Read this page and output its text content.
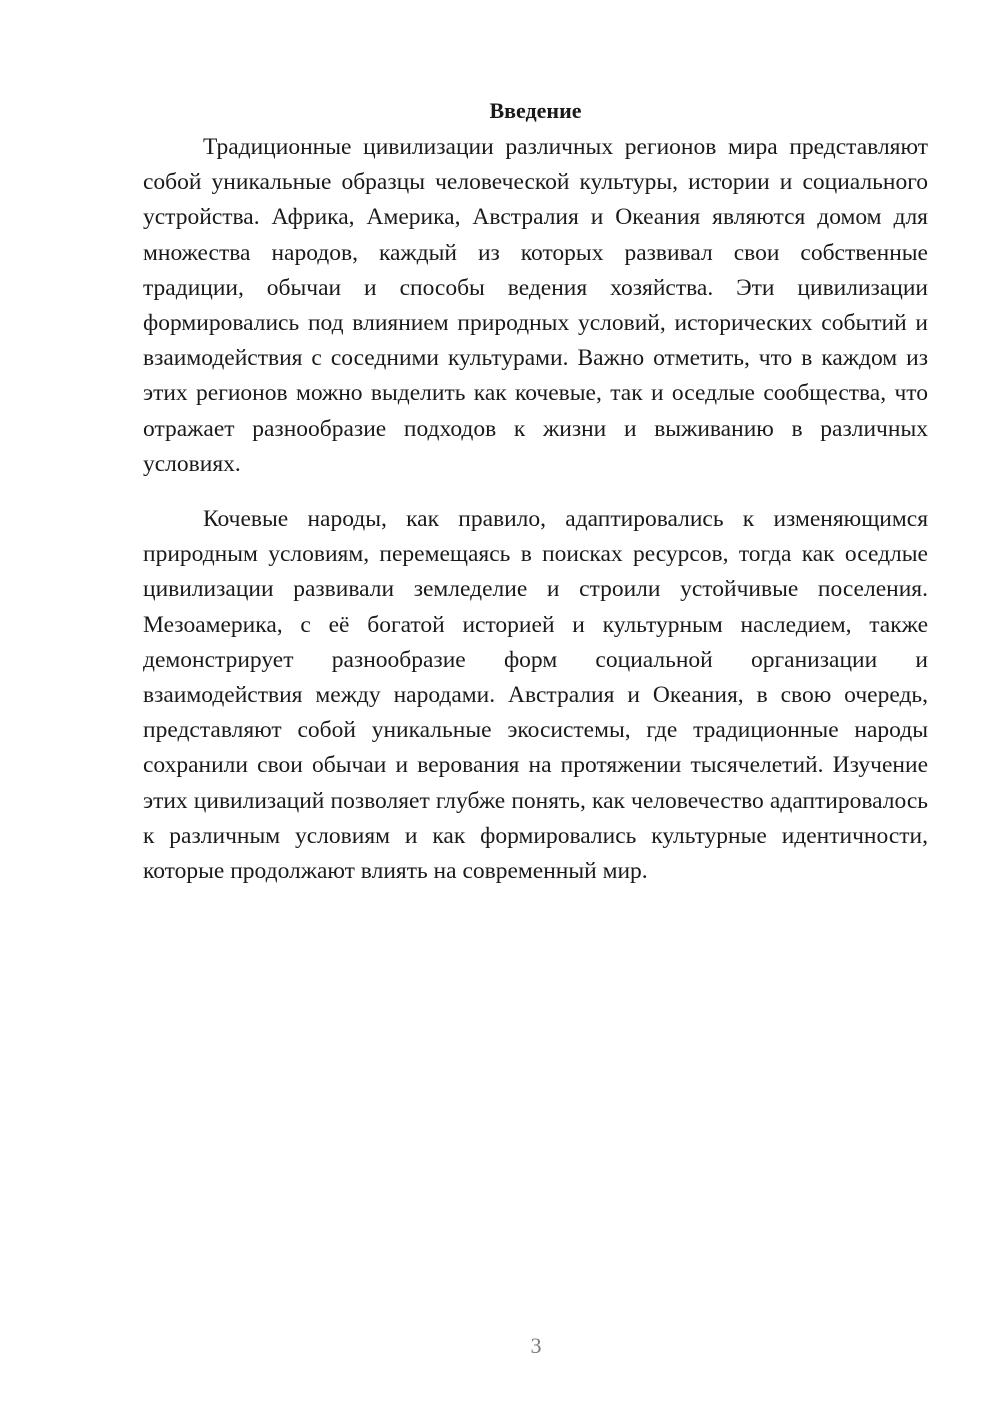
Введение

Традиционные цивилизации различных регионов мира представляют собой уникальные образцы человеческой культуры, истории и социального устройства. Африка, Америка, Австралия и Океания являются домом для множества народов, каждый из которых развивал свои собственные традиции, обычаи и способы ведения хозяйства. Эти цивилизации формировались под влиянием природных условий, исторических событий и взаимодействия с соседними культурами. Важно отметить, что в каждом из этих регионов можно выделить как кочевые, так и оседлые сообщества, что отражает разнообразие подходов к жизни и выживанию в различных условиях.

Кочевые народы, как правило, адаптировались к изменяющимся природным условиям, перемещаясь в поисках ресурсов, тогда как оседлые цивилизации развивали земледелие и строили устойчивые поселения. Мезоамерика, с её богатой историей и культурным наследием, также демонстрирует разнообразие форм социальной организации и взаимодействия между народами. Австралия и Океания, в свою очередь, представляют собой уникальные экосистемы, где традиционные народы сохранили свои обычаи и верования на протяжении тысячелетий. Изучение этих цивилизаций позволяет глубже понять, как человечество адаптировалось к различным условиям и как формировались культурные идентичности, которые продолжают влиять на современный мир.

3
